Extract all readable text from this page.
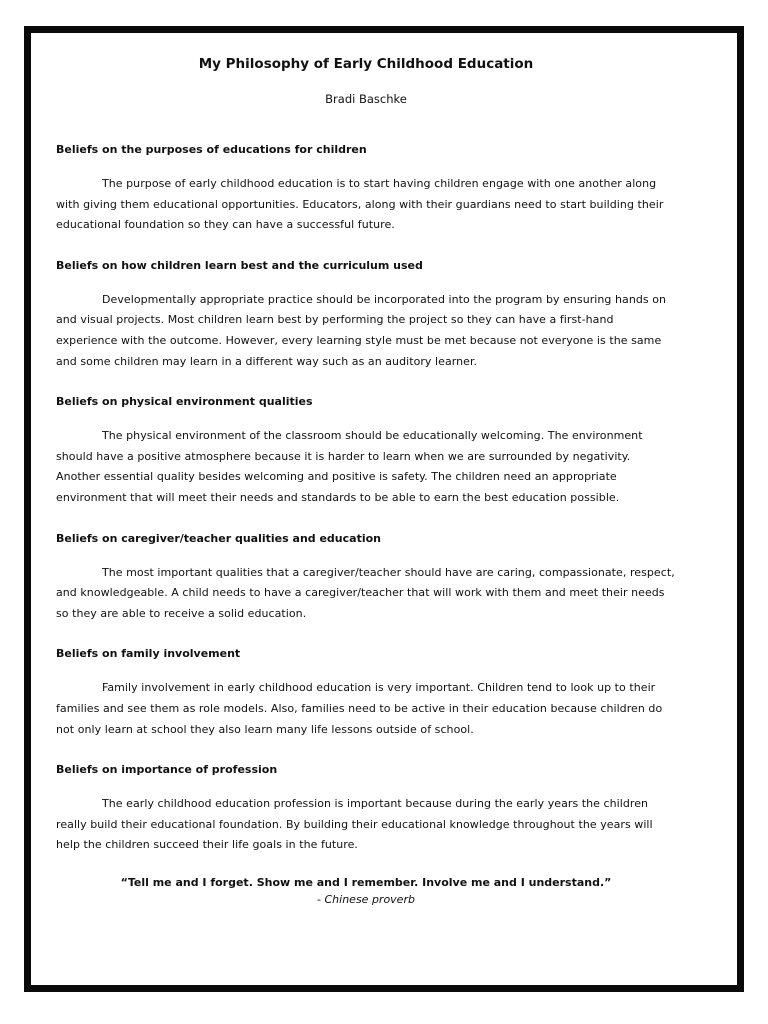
My Philosophy of Early Childhood Education

Bradi Baschke

Beliefs on the purposes of educations for children

The purpose of early childhood education is to start having children engage with one another along with giving them educational opportunities. Educators, along with their guardians need to start building their educational foundation so they can have a successful future.

Beliefs on how children learn best and the curriculum used

Developmentally appropriate practice should be incorporated into the program by ensuring hands on and visual projects. Most children learn best by performing the project so they can have a first-hand experience with the outcome. However, every learning style must be met because not everyone is the same and some children may learn in a different way such as an auditory learner.

Beliefs on physical environment qualities

The physical environment of the classroom should be educationally welcoming. The environment should have a positive atmosphere because it is harder to learn when we are surrounded by negativity. Another essential quality besides welcoming and positive is safety. The children need an appropriate environment that will meet their needs and standards to be able to earn the best education possible.

Beliefs on caregiver/teacher qualities and education

The most important qualities that a caregiver/teacher should have are caring, compassionate, respect, and knowledgeable. A child needs to have a caregiver/teacher that will work with them and meet their needs so they are able to receive a solid education.

Beliefs on family involvement

Family involvement in early childhood education is very important. Children tend to look up to their families and see them as role models. Also, families need to be active in their education because children do not only learn at school they also learn many life lessons outside of school.

Beliefs on importance of profession

The early childhood education profession is important because during the early years the children really build their educational foundation. By building their educational knowledge throughout the years will help the children succeed their life goals in the future.

“Tell me and I forget. Show me and I remember. Involve me and I understand.”
- Chinese proverb
